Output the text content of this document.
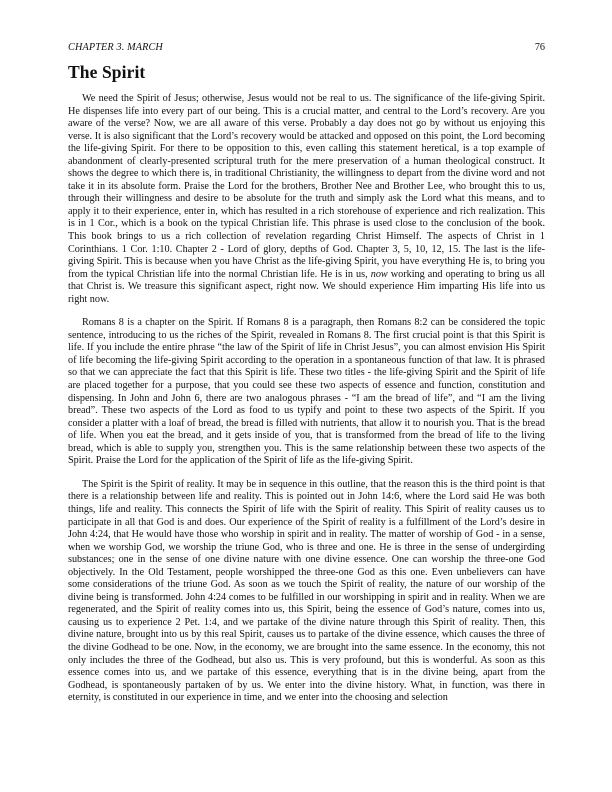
CHAPTER 3. MARCH	76
The Spirit

We need the Spirit of Jesus; otherwise, Jesus would not be real to us. The significance of the life-giving Spirit. He dispenses life into every part of our being. This is a crucial matter, and central to the Lord’s recovery. Are you aware of the verse? Now, we are all aware of this verse. Probably a day does not go by without us enjoying this verse. It is also significant that the Lord’s recovery would be attacked and opposed on this point, the Lord becoming the life-giving Spirit. For there to be opposition to this, even calling this statement heretical, is a top example of abandonment of clearly-presented scriptural truth for the mere preservation of a human theological construct. It shows the degree to which there is, in traditional Christianity, the willingness to depart from the divine word and not take it in its absolute form. Praise the Lord for the brothers, Brother Nee and Brother Lee, who brought this to us, through their willingness and desire to be absolute for the truth and simply ask the Lord what this means, and to apply it to their experience, enter in, which has resulted in a rich storehouse of experience and rich realization. This is in 1 Cor., which is a book on the typical Christian life. This phrase is used close to the conclusion of the book. This book brings to us a rich collection of revelation regarding Christ Himself. The aspects of Christ in 1 Corinthians. 1 Cor. 1:10. Chapter 2 - Lord of glory, depths of God. Chapter 3, 5, 10, 12, 15. The last is the life-giving Spirit. This is because when you have Christ as the life-giving Spirit, you have everything He is, to bring you from the typical Christian life into the normal Christian life. He is in us, now working and operating to bring us all that Christ is. We treasure this significant aspect, right now. We should experience Him imparting His life into us right now.

Romans 8 is a chapter on the Spirit. If Romans 8 is a paragraph, then Romans 8:2 can be considered the topic sentence, introducing to us the riches of the Spirit, revealed in Romans 8. The first crucial point is that this Spirit is life. If you include the entire phrase “the law of the Spirit of life in Christ Jesus”, you can almost envision His Spirit of life becoming the life-giving Spirit according to the operation in a spontaneous function of that law. It is phrased so that we can appreciate the fact that this Spirit is life. These two titles - the life-giving Spirit and the Spirit of life are placed together for a purpose, that you could see these two aspects of essence and function, constitution and dispensing. In John and John 6, there are two analogous phrases - “I am the bread of life”, and “I am the living bread”. These two aspects of the Lord as food to us typify and point to these two aspects of the Spirit. If you consider a platter with a loaf of bread, the bread is filled with nutrients, that allow it to nourish you. That is the bread of life. When you eat the bread, and it gets inside of you, that is transformed from the bread of life to the living bread, which is able to supply you, strengthen you. This is the same relationship between these two aspects of the Spirit. Praise the Lord for the application of the Spirit of life as the life-giving Spirit.

The Spirit is the Spirit of reality. It may be in sequence in this outline, that the reason this is the third point is that there is a relationship between life and reality. This is pointed out in John 14:6, where the Lord said He was both things, life and reality. This connects the Spirit of life with the Spirit of reality. This Spirit of reality causes us to participate in all that God is and does. Our experience of the Spirit of reality is a fulfillment of the Lord’s desire in John 4:24, that He would have those who worship in spirit and in reality. The matter of worship of God - in a sense, when we worship God, we worship the triune God, who is three and one. He is three in the sense of undergirding substances; one in the sense of one divine nature with one divine essence. One can worship the three-one God objectively. In the Old Testament, people worshipped the three-one God as this one. Even unbelievers can have some considerations of the triune God. As soon as we touch the Spirit of reality, the nature of our worship of the divine being is transformed. John 4:24 comes to be fulfilled in our worshipping in spirit and in reality. When we are regenerated, and the Spirit of reality comes into us, this Spirit, being the essence of God’s nature, comes into us, causing us to experience 2 Pet. 1:4, and we partake of the divine nature through this Spirit of reality. Then, this divine nature, brought into us by this real Spirit, causes us to partake of the divine essence, which causes the three of the divine Godhead to be one. Now, in the economy, we are brought into the same essence. In the economy, this not only includes the three of the Godhead, but also us. This is very profound, but this is wonderful. As soon as this essence comes into us, and we partake of this essence, everything that is in the divine being, apart from the Godhead, is spontaneously partaken of by us. We enter into the divine history. What, in function, was there in eternity, is constituted in our experience in time, and we enter into the choosing and selection
